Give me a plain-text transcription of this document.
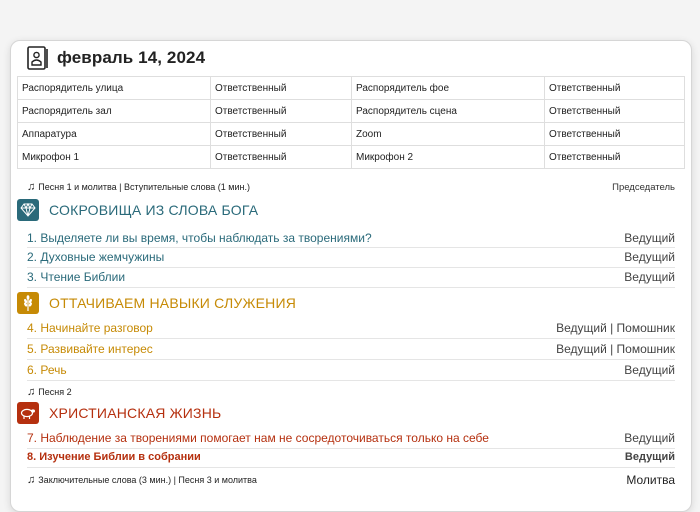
февраль 14, 2024
Распорядитель улица	Ответственный	Распорядитель фое	Ответственный
Распорядитель зал	Ответственный	Распорядитель сцена	Ответственный
Аппаратура	Ответственный	Zoom	Ответственный
Микрофон 1	Ответственный	Микрофон 2	Ответственный
♫ Песня 1 и молитва | Вступительные слова (1 мин.)	Председатель
СОКРОВИЩА ИЗ СЛОВА БОГА
1. Выделяете ли вы время, чтобы наблюдать за творениями?	Ведущий
2. Духовные жемчужины	Ведущий
3. Чтение Библии	Ведущий
ОТТАЧИВАЕМ НАВЫКИ СЛУЖЕНИЯ
4. Начинайте разговор	Ведущий | Помошник
5. Развивайте интерес	Ведущий | Помошник
6. Речь	Ведущий
♫ Песня 2
ХРИСТИАНСКАЯ ЖИЗНЬ
7. Наблюдение за творениями помогает нам не сосредоточиваться только на себе	Ведущий
8. Изучение Библии в собрании	Ведущий
♫ Заключительные слова (3 мин.) | Песня 3 и молитва	Молитва
